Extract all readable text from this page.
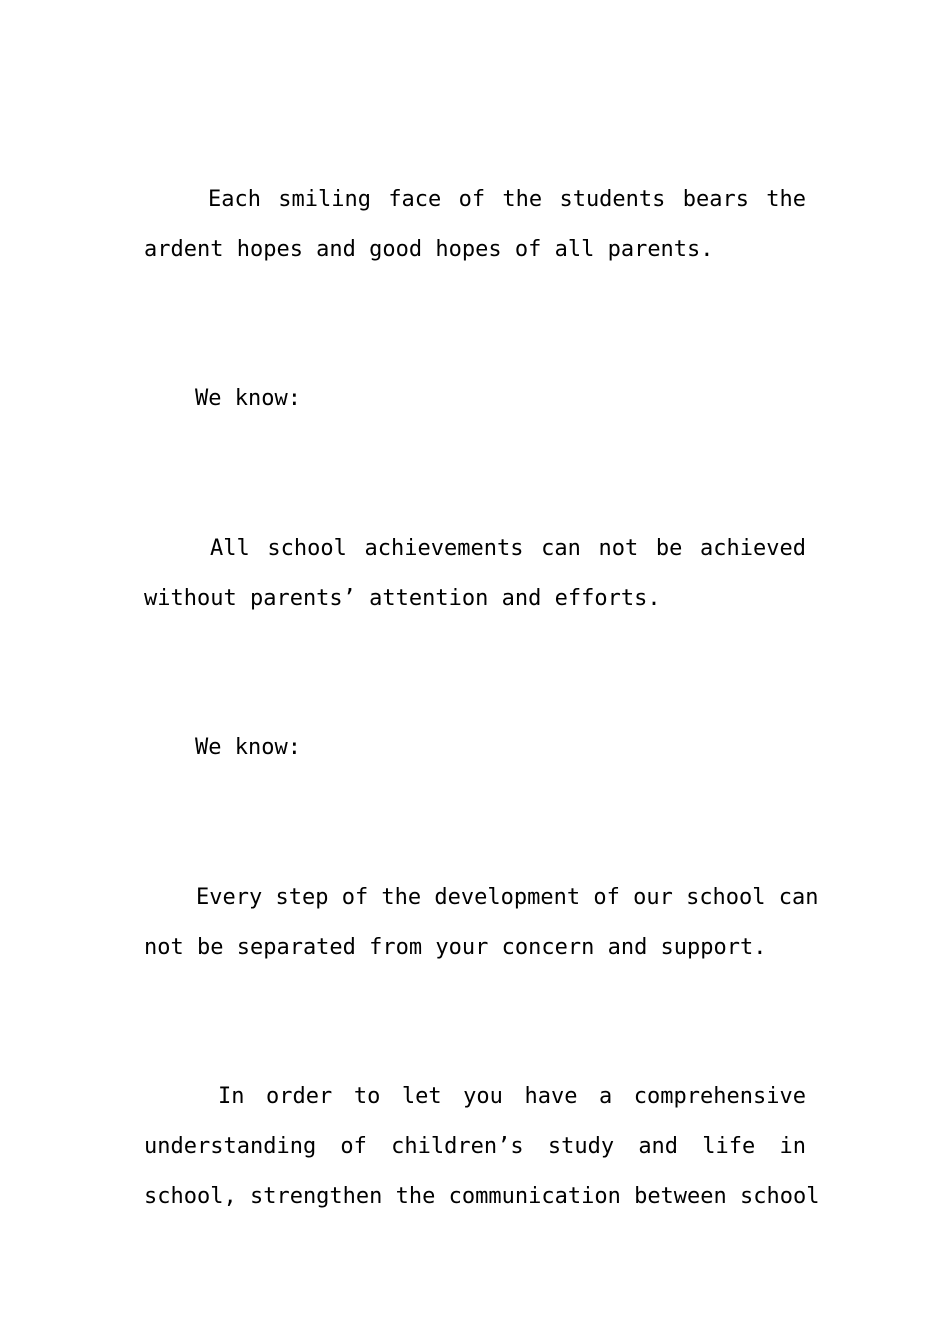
Each smiling face of the students bears the
ardent hopes and good hopes of all parents.
We know:
All school achievements can not be achieved
without parents’ attention and efforts.
We know:
Every step of the development of our school can
not be separated from your concern and support.
In order to let you have a comprehensive
understanding of children’s study and life in
school, strengthen the communication between school
